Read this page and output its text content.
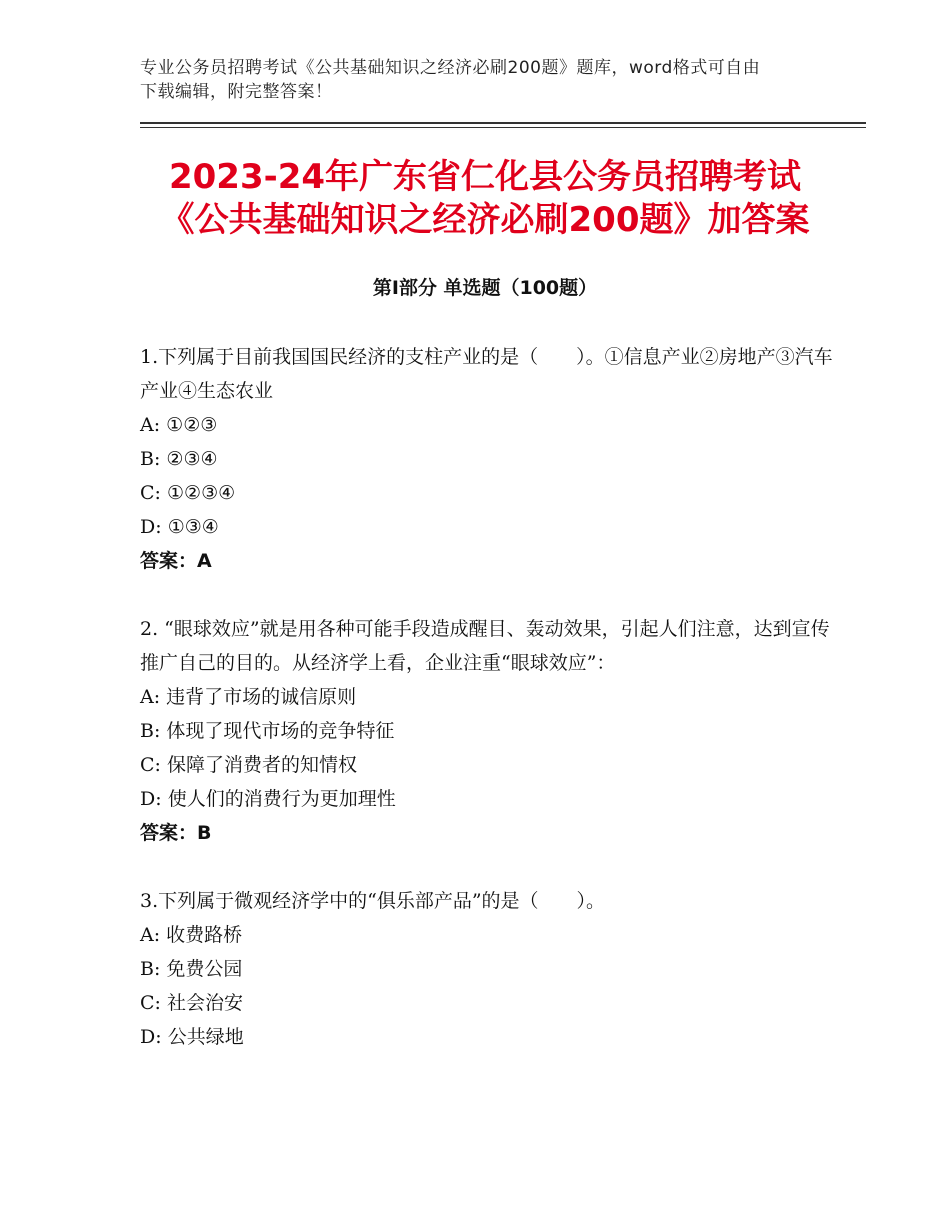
专业公务员招聘考试《公共基础知识之经济必刷200题》题库，word格式可自由
下载编辑，附完整答案！
2023-24年广东省仁化县公务员招聘考试
《公共基础知识之经济必刷200题》加答案
第Ⅰ部分 单选题（100题）

1.下列属于目前我国国民经济的支柱产业的是（　　）。①信息产业②房地产③汽车产业④生态农业

A: ①②③

B: ②③④

C: ①②③④

D: ①③④

答案：A

2. “眼球效应”就是用各种可能手段造成醒目、轰动效果，引起人们注意，达到宣传推广自己的目的。从经济学上看，企业注重“眼球效应”：

A: 违背了市场的诚信原则

B: 体现了现代市场的竞争特征

C: 保障了消费者的知情权

D: 使人们的消费行为更加理性

答案：B

3.下列属于微观经济学中的“俱乐部产品”的是（　　）。

A: 收费路桥

B: 免费公园

C: 社会治安

D: 公共绿地
